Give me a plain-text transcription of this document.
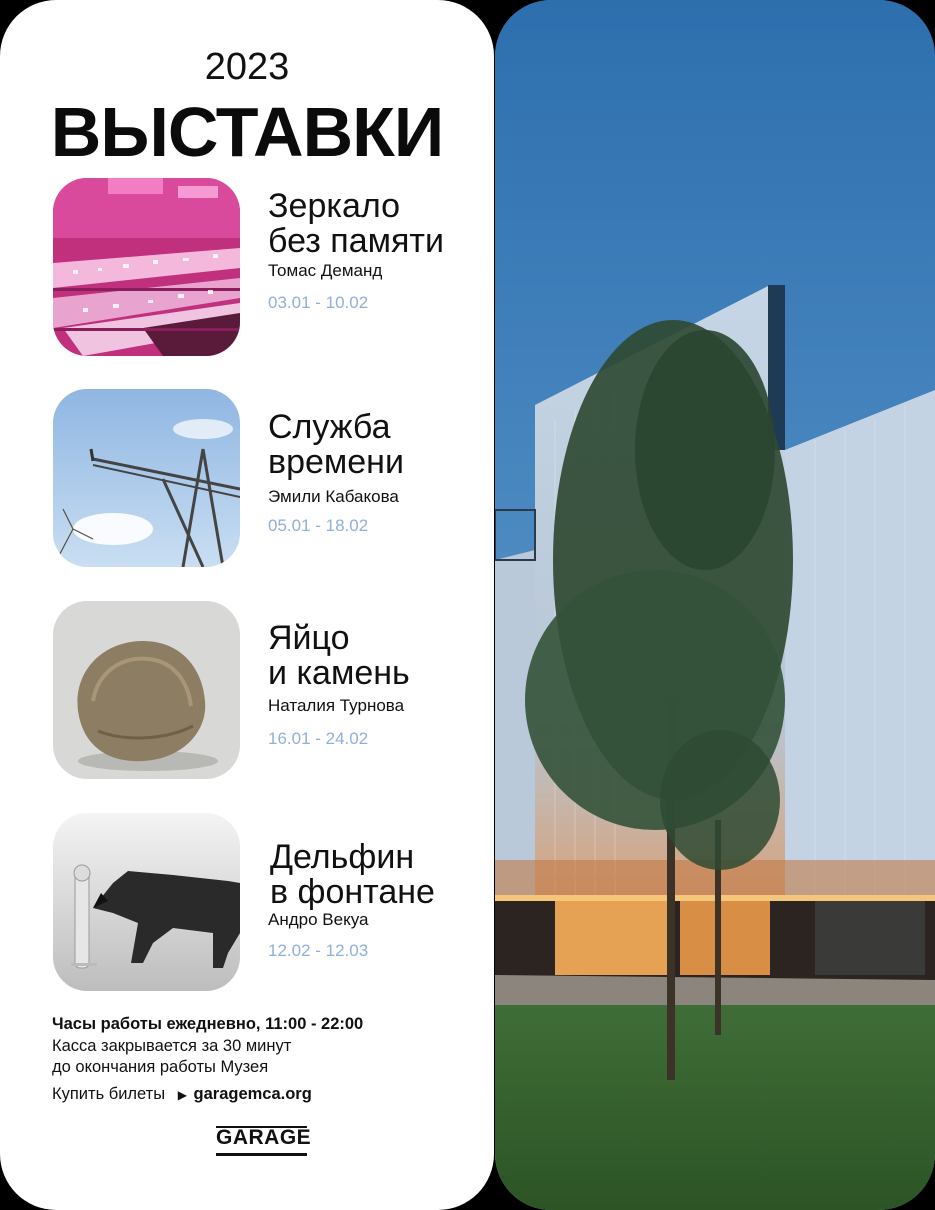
2023
ВЫСТАВКИ
Зеркало
без памяти
Томас Деманд
03.01 - 10.02
Служба
времени
Эмили Кабакова
05.01 - 18.02
Яйцо
и камень
Наталия Турнова
16.01 - 24.02
Дельфин
в фонтане
Андро Векуа
12.02 - 12.03
Часы работы ежедневно, 11:00 - 22:00
Касса закрывается за 30 минут
до окончания работы Музея
Купить билеты ▶ garagemca.org
GARAGE
